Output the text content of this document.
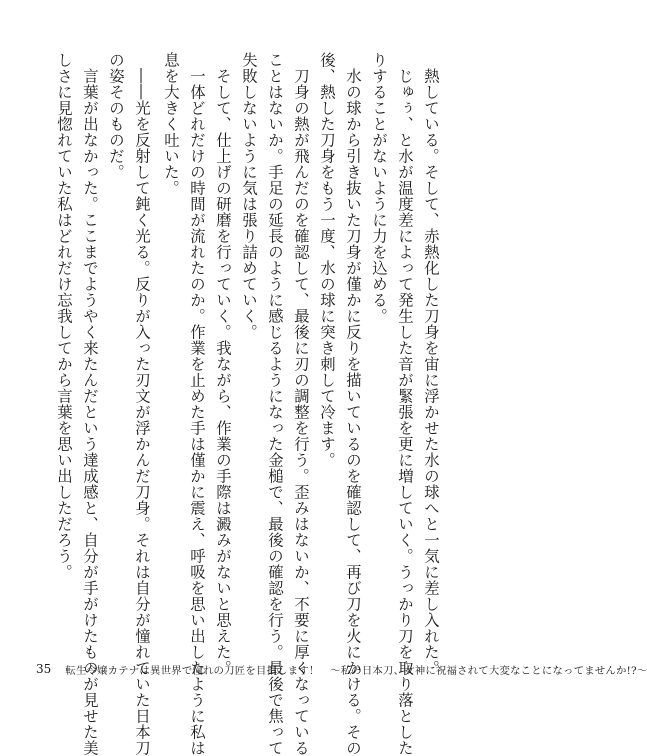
　熱している。そして、赤熱化した刀身を宙に浮かせた水の球へと一気に差し入れた。
　じゅぅ、と水が温度差によって発生した音が緊張を更に増していく。うっかり刀を取り落とした
りすることがないように力を込める。
　水の球から引き抜いた刀身が僅かに反りを描いているのを確認して、再び刀を火にかける。その
後、熱した刀身をもう一度、水の球に突き刺して冷ます。
　刀身の熱が飛んだのを確認して、最後に刃の調整を行う。歪みはないか、不要に厚くなっている
ことはないか。手足の延長のように感じるようになった金槌で、最後の確認を行う。最後で焦って
失敗しないように気は張り詰めていく。
　そして、仕上げの研磨を行っていく。我ながら、作業の手際は澱みがないと思えた。
　一体どれだけの時間が流れたのか。作業を止めた手は僅かに震え、呼吸を思い出したように私は
息を大きく吐いた。
　――光を反射して鈍く光る。反りが入った刃文が浮かんだ刀身。それは自分が憧れていた日本刀
の姿そのものだ。
　言葉が出なかった。ここまでようやく来たんだという達成感と、自分が手がけたものが見せた美
しさに見惚れていた私はどれだけ忘我してから言葉を思い出しただろう。
35 転生令嬢カテナは異世界で憧れの刀匠を目指します！　～私の日本刀、女神に祝福されて大変なことになってませんか!?～
